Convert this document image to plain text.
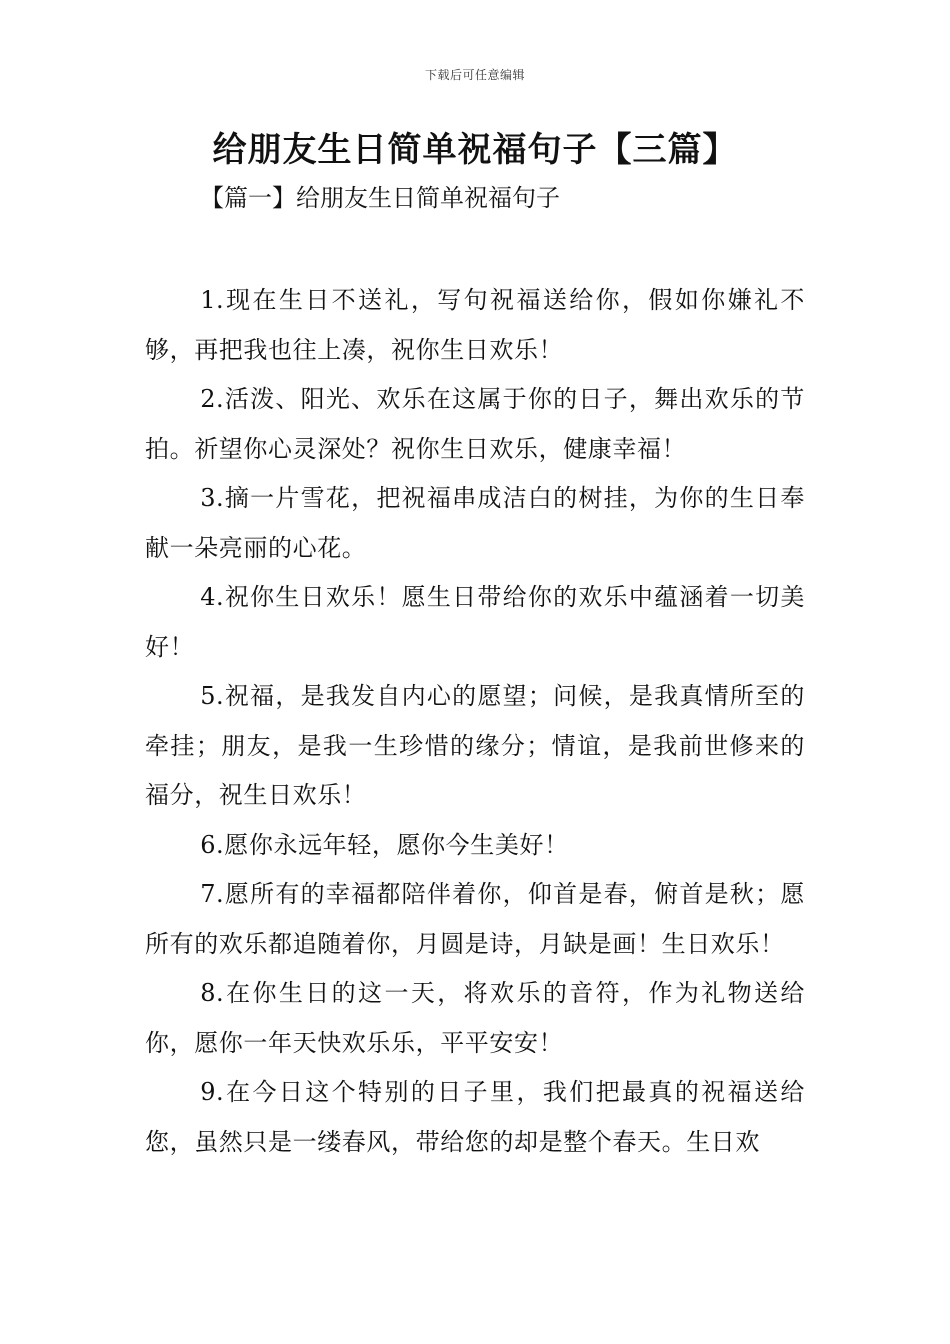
下载后可任意编辑
给朋友生日简单祝福句子【三篇】
【篇一】给朋友生日简单祝福句子

1.现在生日不送礼，写句祝福送给你，假如你嫌礼不够，再把我也往上凑，祝你生日欢乐！

2.活泼、阳光、欢乐在这属于你的日子，舞出欢乐的节拍。祈望你心灵深处？祝你生日欢乐，健康幸福！

3.摘一片雪花，把祝福串成洁白的树挂，为你的生日奉献一朵亮丽的心花。

4.祝你生日欢乐！愿生日带给你的欢乐中蕴涵着一切美好！

5.祝福，是我发自内心的愿望；问候，是我真情所至的牵挂；朋友，是我一生珍惜的缘分；情谊，是我前世修来的福分，祝生日欢乐！

6.愿你永远年轻，愿你今生美好！

7.愿所有的幸福都陪伴着你，仰首是春，俯首是秋；愿所有的欢乐都追随着你，月圆是诗，月缺是画！生日欢乐！

8.在你生日的这一天，将欢乐的音符，作为礼物送给你，愿你一年天快欢乐乐，平平安安！

9.在今日这个特别的日子里，我们把最真的祝福送给您，虽然只是一缕春风，带给您的却是整个春天。生日欢
